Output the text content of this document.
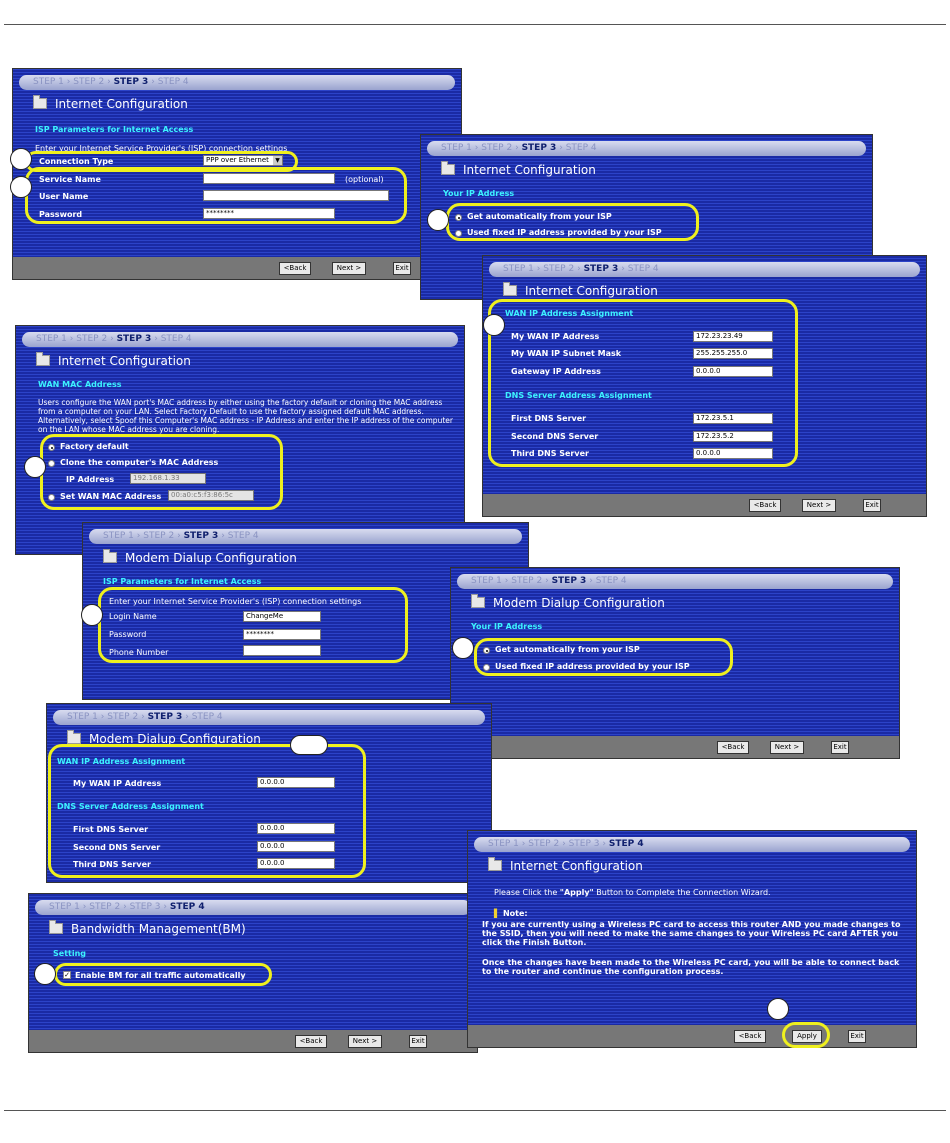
STEP 1 › STEP 2 › STEP 3 › STEP 4
Internet Configuration
ISP Parameters for Internet Access
Enter your Internet Service Provider's (ISP) connection settings
Connection Type	PPP over Ethernet	▼
Service Name	(optional)
User Name
Password	********
<Back	Next >	Exit
STEP 1 › STEP 2 › STEP 3 › STEP 4
Internet Configuration
Your IP Address
Get automatically from your ISP
Used fixed IP address provided by your ISP
STEP 1 › STEP 2 › STEP 3 › STEP 4
Internet Configuration
WAN IP Address Assignment
My WAN IP Address	172.23.23.49
My WAN IP Subnet Mask	255.255.255.0
Gateway IP Address	0.0.0.0
DNS Server Address Assignment
First DNS Server	172.23.5.1
Second DNS Server	172.23.5.2
Third DNS Server	0.0.0.0
<Back	Next >	Exit
STEP 1 › STEP 2 › STEP 3 › STEP 4
Internet Configuration
WAN MAC Address
Users configure the WAN port's MAC address by either using the factory default or cloning the MAC address from a computer on your LAN. Select Factory Default to use the factory assigned default MAC address. Alternatively, select Spoof this Computer's MAC address - IP Address and enter the IP address of the computer on the LAN whose MAC address you are cloning.
Factory default
Clone the computer's MAC Address
IP Address	192.168.1.33
Set WAN MAC Address	00:a0:c5:f3:86:5c
STEP 1 › STEP 2 › STEP 3 › STEP 4
Modem Dialup Configuration
ISP Parameters for Internet Access
Enter your Internet Service Provider's (ISP) connection settings
Login Name	ChangeMe
Password	********
Phone Number
STEP 1 › STEP 2 › STEP 3 › STEP 4
Modem Dialup Configuration
Your IP Address
Get automatically from your ISP
Used fixed IP address provided by your ISP
<Back	Next >	Exit
STEP 1 › STEP 2 › STEP 3 › STEP 4
Modem Dialup Configuration
WAN IP Address Assignment
My WAN IP Address	0.0.0.0
DNS Server Address Assignment
First DNS Server	0.0.0.0
Second DNS Server	0.0.0.0
Third DNS Server	0.0.0.0
STEP 1 › STEP 2 › STEP 3 › STEP 4
Bandwidth Management(BM)
Setting
✓ Enable BM for all traffic automatically
<Back	Next >	Exit
STEP 1 › STEP 2 › STEP 3 › STEP 4
Internet Configuration
Please Click the "Apply" Button to Complete the Connection Wizard.
▌ Note:
If you are currently using a Wireless PC card to access this router AND you made changes to the SSID, then you will need to make the same changes to your Wireless PC card AFTER you click the Finish Button.
Once the changes have been made to the Wireless PC card, you will be able to connect back to the router and continue the configuration process.
<Back	Apply	Exit
